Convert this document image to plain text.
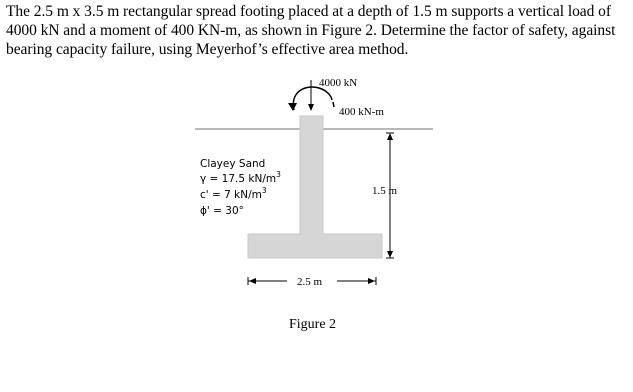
The 2.5 m x 3.5 m rectangular spread footing placed at a depth of 1.5 m supports a vertical load of 4000 kN and a moment of 400 KN-m, as shown in Figure 2. Determine the factor of safety, against bearing capacity failure, using Meyerhof’s effective area method.
4000 kN
400 kN-m
Clayey Sand
γ = 17.5 $kN/m^3$
c' = 7 $kN/m^3$
ϕ' = 30°
1.5 m
2.5 m
Figure 2
